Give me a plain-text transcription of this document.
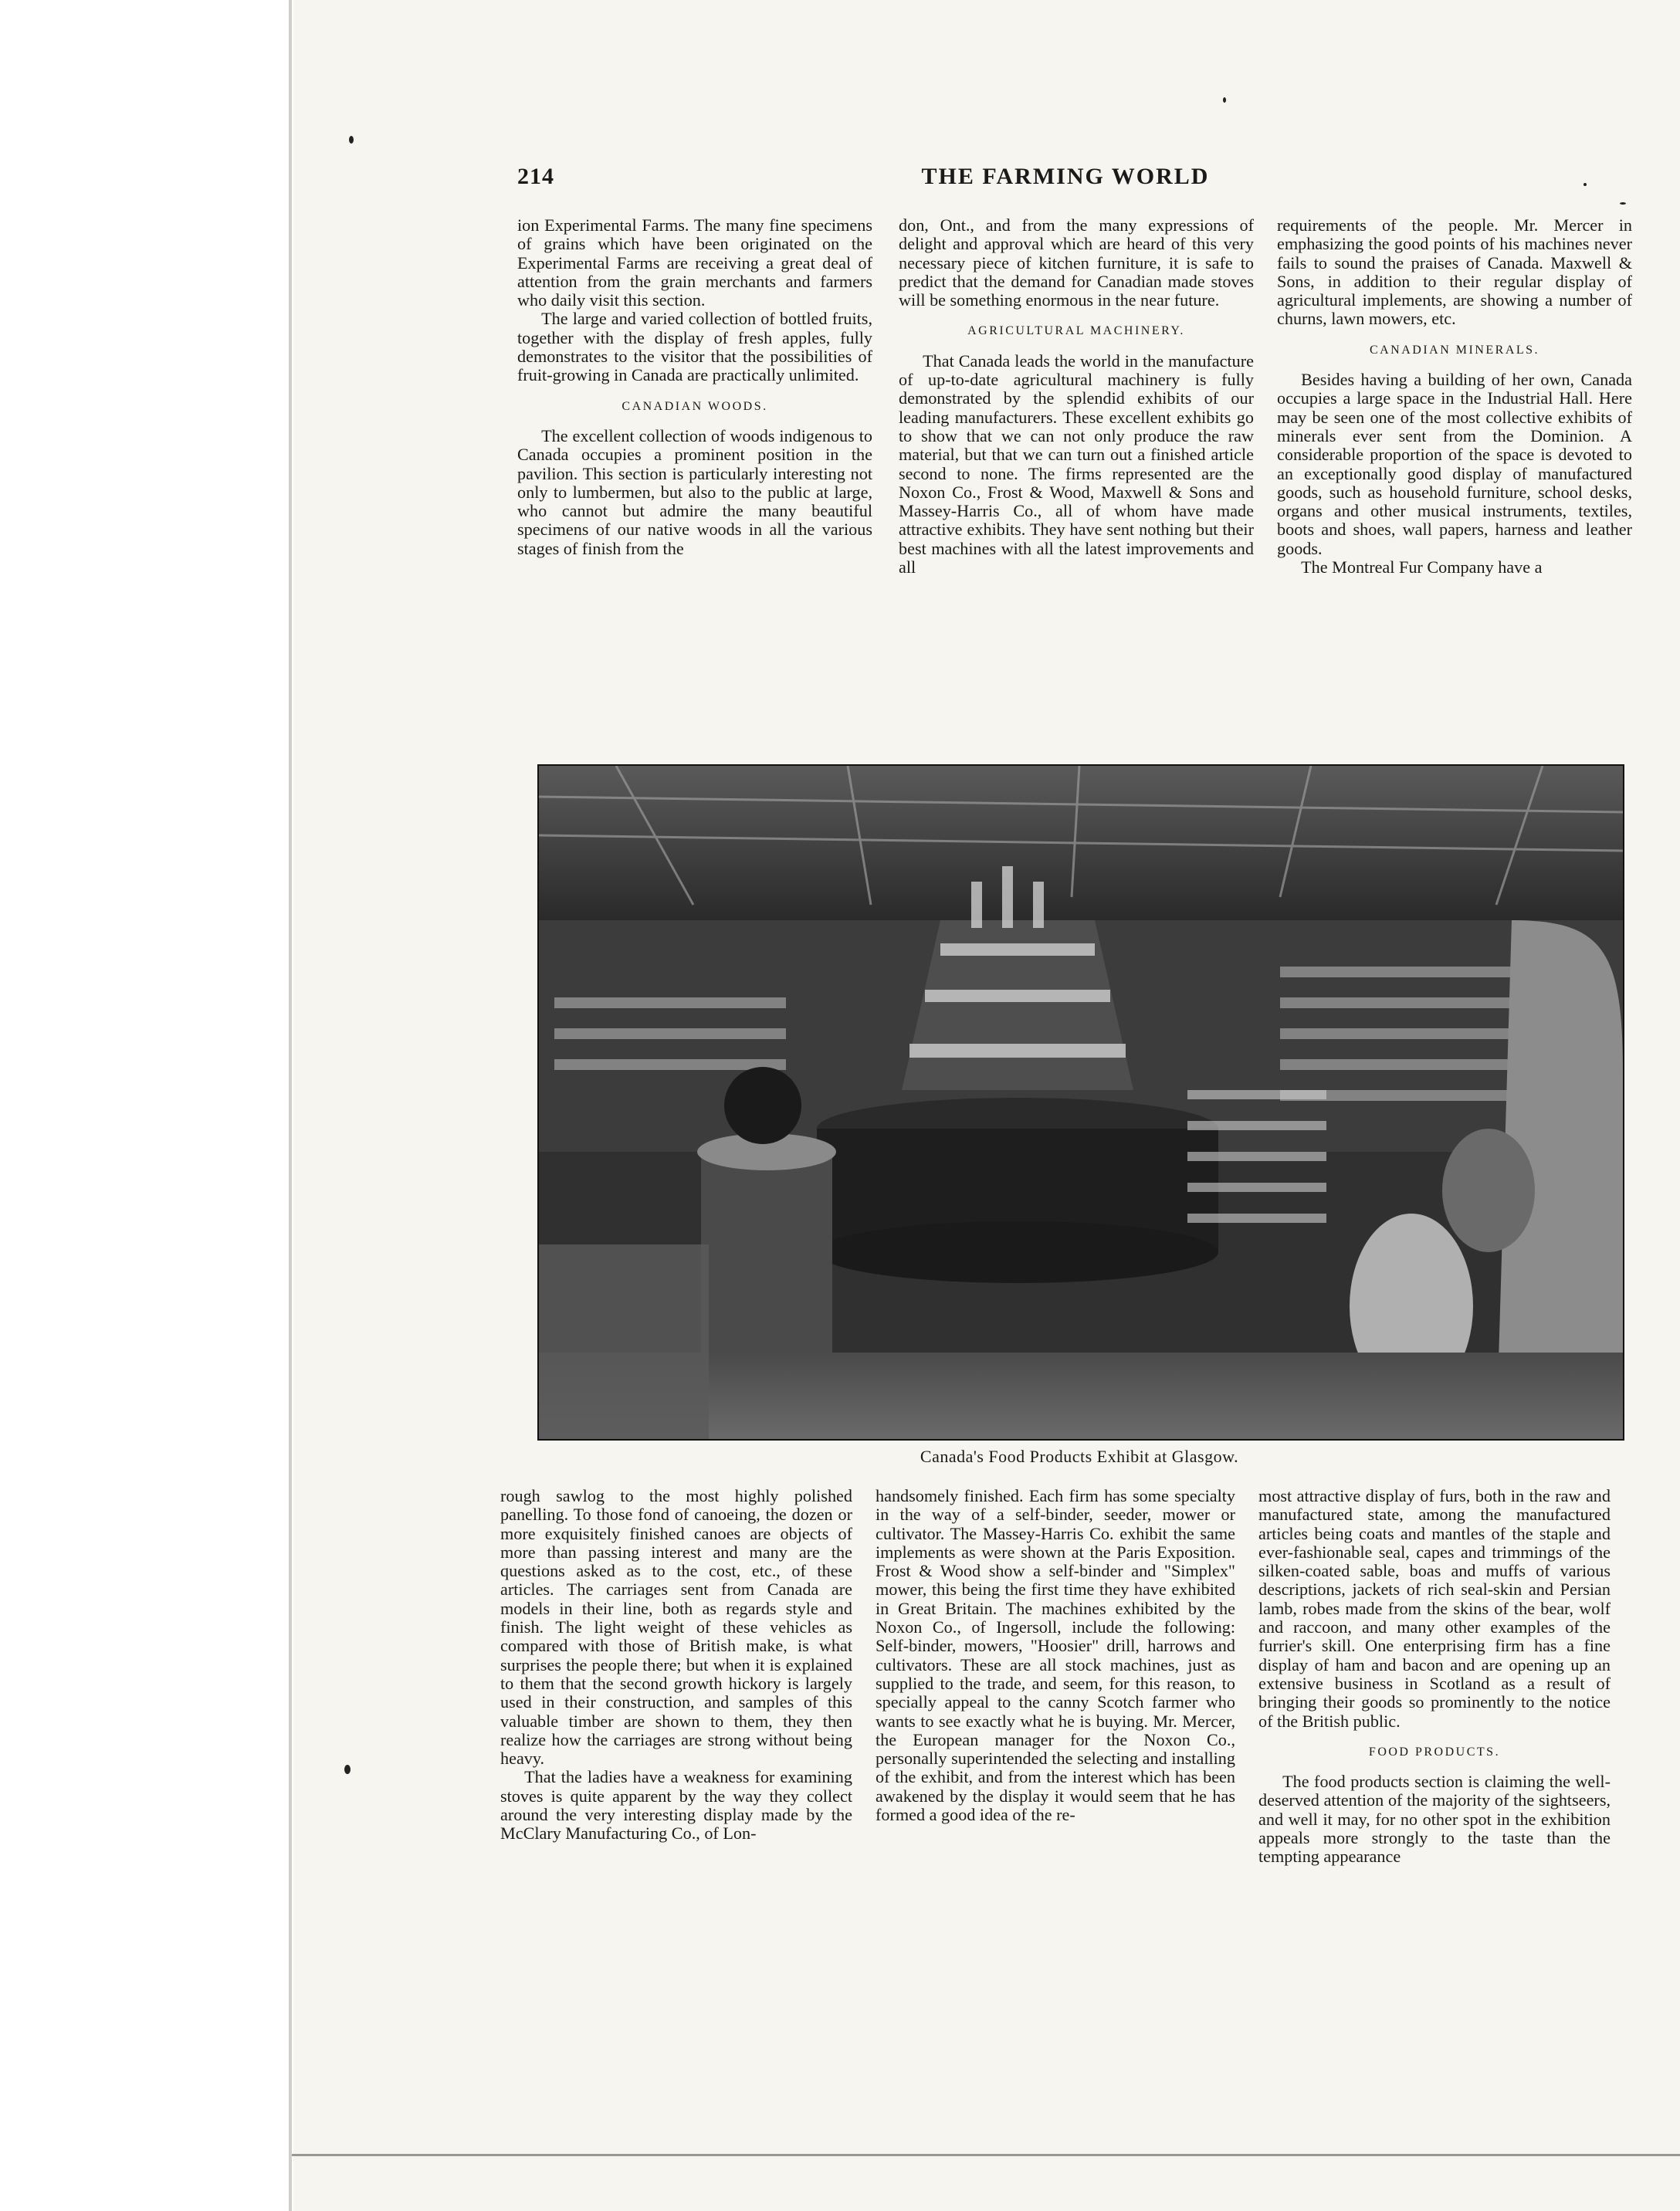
214	THE FARMING WORLD

ion Experimental Farms. The many fine specimens of grains which have been originated on the Experimental Farms are receiving a great deal of attention from the grain merchants and farmers who daily visit this section.

The large and varied collection of bottled fruits, together with the display of fresh apples, fully demonstrates to the visitor that the possibilities of fruit-growing in Canada are practically unlimited.

CANADIAN WOODS.

The excellent collection of woods indigenous to Canada occupies a prominent position in the pavilion. This section is particularly interesting not only to lumbermen, but also to the public at large, who cannot but admire the many beautiful specimens of our native woods in all the various stages of finish from the

don, Ont., and from the many expressions of delight and approval which are heard of this very necessary piece of kitchen furniture, it is safe to predict that the demand for Canadian made stoves will be something enormous in the near future.

AGRICULTURAL MACHINERY.

That Canada leads the world in the manufacture of up-to-date agricultural machinery is fully demonstrated by the splendid exhibits of our leading manufacturers. These excellent exhibits go to show that we can not only produce the raw material, but that we can turn out a finished article second to none. The firms represented are the Noxon Co., Frost & Wood, Maxwell & Sons and Massey-Harris Co., all of whom have made attractive exhibits. They have sent nothing but their best machines with all the latest improvements and all

requirements of the people. Mr. Mercer in emphasizing the good points of his machines never fails to sound the praises of Canada. Maxwell & Sons, in addition to their regular display of agricultural implements, are showing a number of churns, lawn mowers, etc.

CANADIAN MINERALS.

Besides having a building of her own, Canada occupies a large space in the Industrial Hall. Here may be seen one of the most collective exhibits of minerals ever sent from the Dominion. A considerable proportion of the space is devoted to an exceptionally good display of manufactured goods, such as household furniture, school desks, organs and other musical instruments, textiles, boots and shoes, wall papers, harness and leather goods.

The Montreal Fur Company have a

Canada's Food Products Exhibit at Glasgow.

rough sawlog to the most highly polished panelling. To those fond of canoeing, the dozen or more exquisitely finished canoes are objects of more than passing interest and many are the questions asked as to the cost, etc., of these articles. The carriages sent from Canada are models in their line, both as regards style and finish. The light weight of these vehicles as compared with those of British make, is what surprises the people there; but when it is explained to them that the second growth hickory is largely used in their construction, and samples of this valuable timber are shown to them, they then realize how the carriages are strong without being heavy.

That the ladies have a weakness for examining stoves is quite apparent by the way they collect around the very interesting display made by the McClary Manufacturing Co., of Lon-

handsomely finished. Each firm has some specialty in the way of a self-binder, seeder, mower or cultivator. The Massey-Harris Co. exhibit the same implements as were shown at the Paris Exposition. Frost & Wood show a self-binder and "Simplex" mower, this being the first time they have exhibited in Great Britain. The machines exhibited by the Noxon Co., of Ingersoll, include the following: Self-binder, mowers, "Hoosier" drill, harrows and cultivators. These are all stock machines, just as supplied to the trade, and seem, for this reason, to specially appeal to the canny Scotch farmer who wants to see exactly what he is buying. Mr. Mercer, the European manager for the Noxon Co., personally superintended the selecting and installing of the exhibit, and from the interest which has been awakened by the display it would seem that he has formed a good idea of the re-

most attractive display of furs, both in the raw and manufactured state, among the manufactured articles being coats and mantles of the staple and ever-fashionable seal, capes and trimmings of the silken-coated sable, boas and muffs of various descriptions, jackets of rich seal-skin and Persian lamb, robes made from the skins of the bear, wolf and raccoon, and many other examples of the furrier's skill. One enterprising firm has a fine display of ham and bacon and are opening up an extensive business in Scotland as a result of bringing their goods so prominently to the notice of the British public.

FOOD PRODUCTS.

The food products section is claiming the well-deserved attention of the majority of the sightseers, and well it may, for no other spot in the exhibition appeals more strongly to the taste than the tempting appearance
